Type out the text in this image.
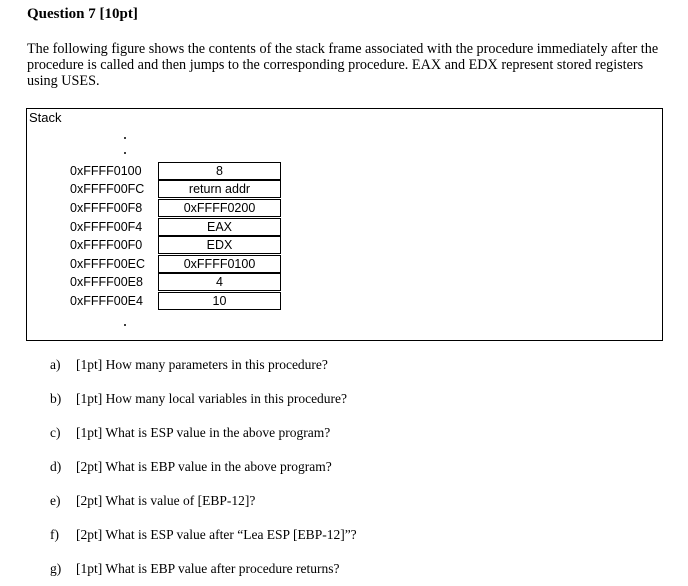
Question 7 [10pt]
The following figure shows the contents of the stack frame associated with the procedure immediately after the procedure is called and then jumps to the corresponding procedure. EAX and EDX represent stored registers using USES.
Stack
0xFFFF0100	8
0xFFFF00FC	return addr
0xFFFF00F8	0xFFFF0200
0xFFFF00F4	EAX
0xFFFF00F0	EDX
0xFFFF00EC	0xFFFF0100
0xFFFF00E8	4
0xFFFF00E4	10
a) [1pt] How many parameters in this procedure?
b) [1pt] How many local variables in this procedure?
c) [1pt] What is ESP value in the above program?
d) [2pt] What is EBP value in the above program?
e) [2pt] What is value of [EBP-12]?
f) [2pt] What is ESP value after “Lea ESP [EBP-12]”?
g) [1pt] What is EBP value after procedure returns?
